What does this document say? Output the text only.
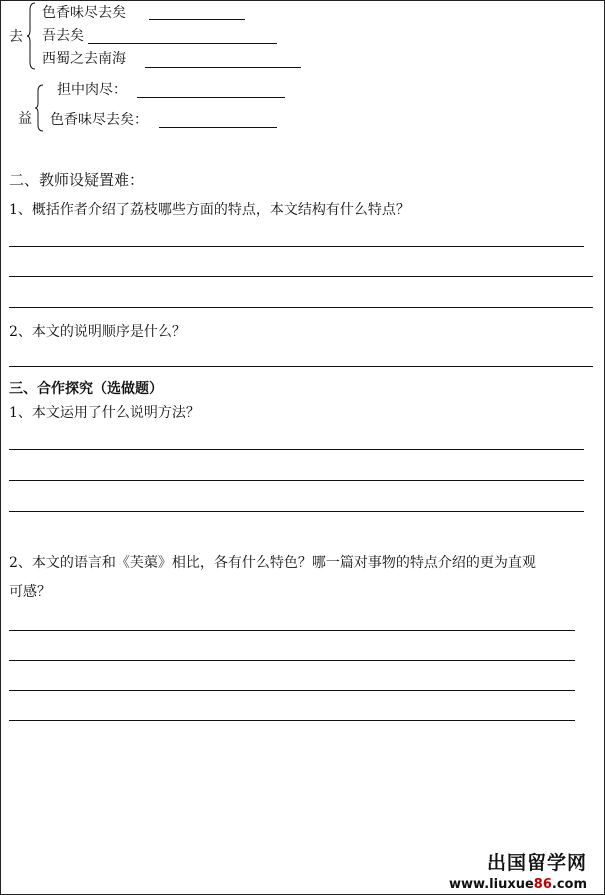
去
色香味尽去矣
吾去矣
西蜀之去南海
益
担中肉尽：
色香味尽去矣：
二、教师设疑置难：
1、概括作者介绍了荔枝哪些方面的特点，本文结构有什么特点？
2、本文的说明顺序是什么？
三、合作探究（选做题）
1、本文运用了什么说明方法？
2、本文的语言和《芙蕖》相比，各有什么特色？哪一篇对事物的特点介绍的更为直观
可感？
出国留学网
www.liuxue86.com
